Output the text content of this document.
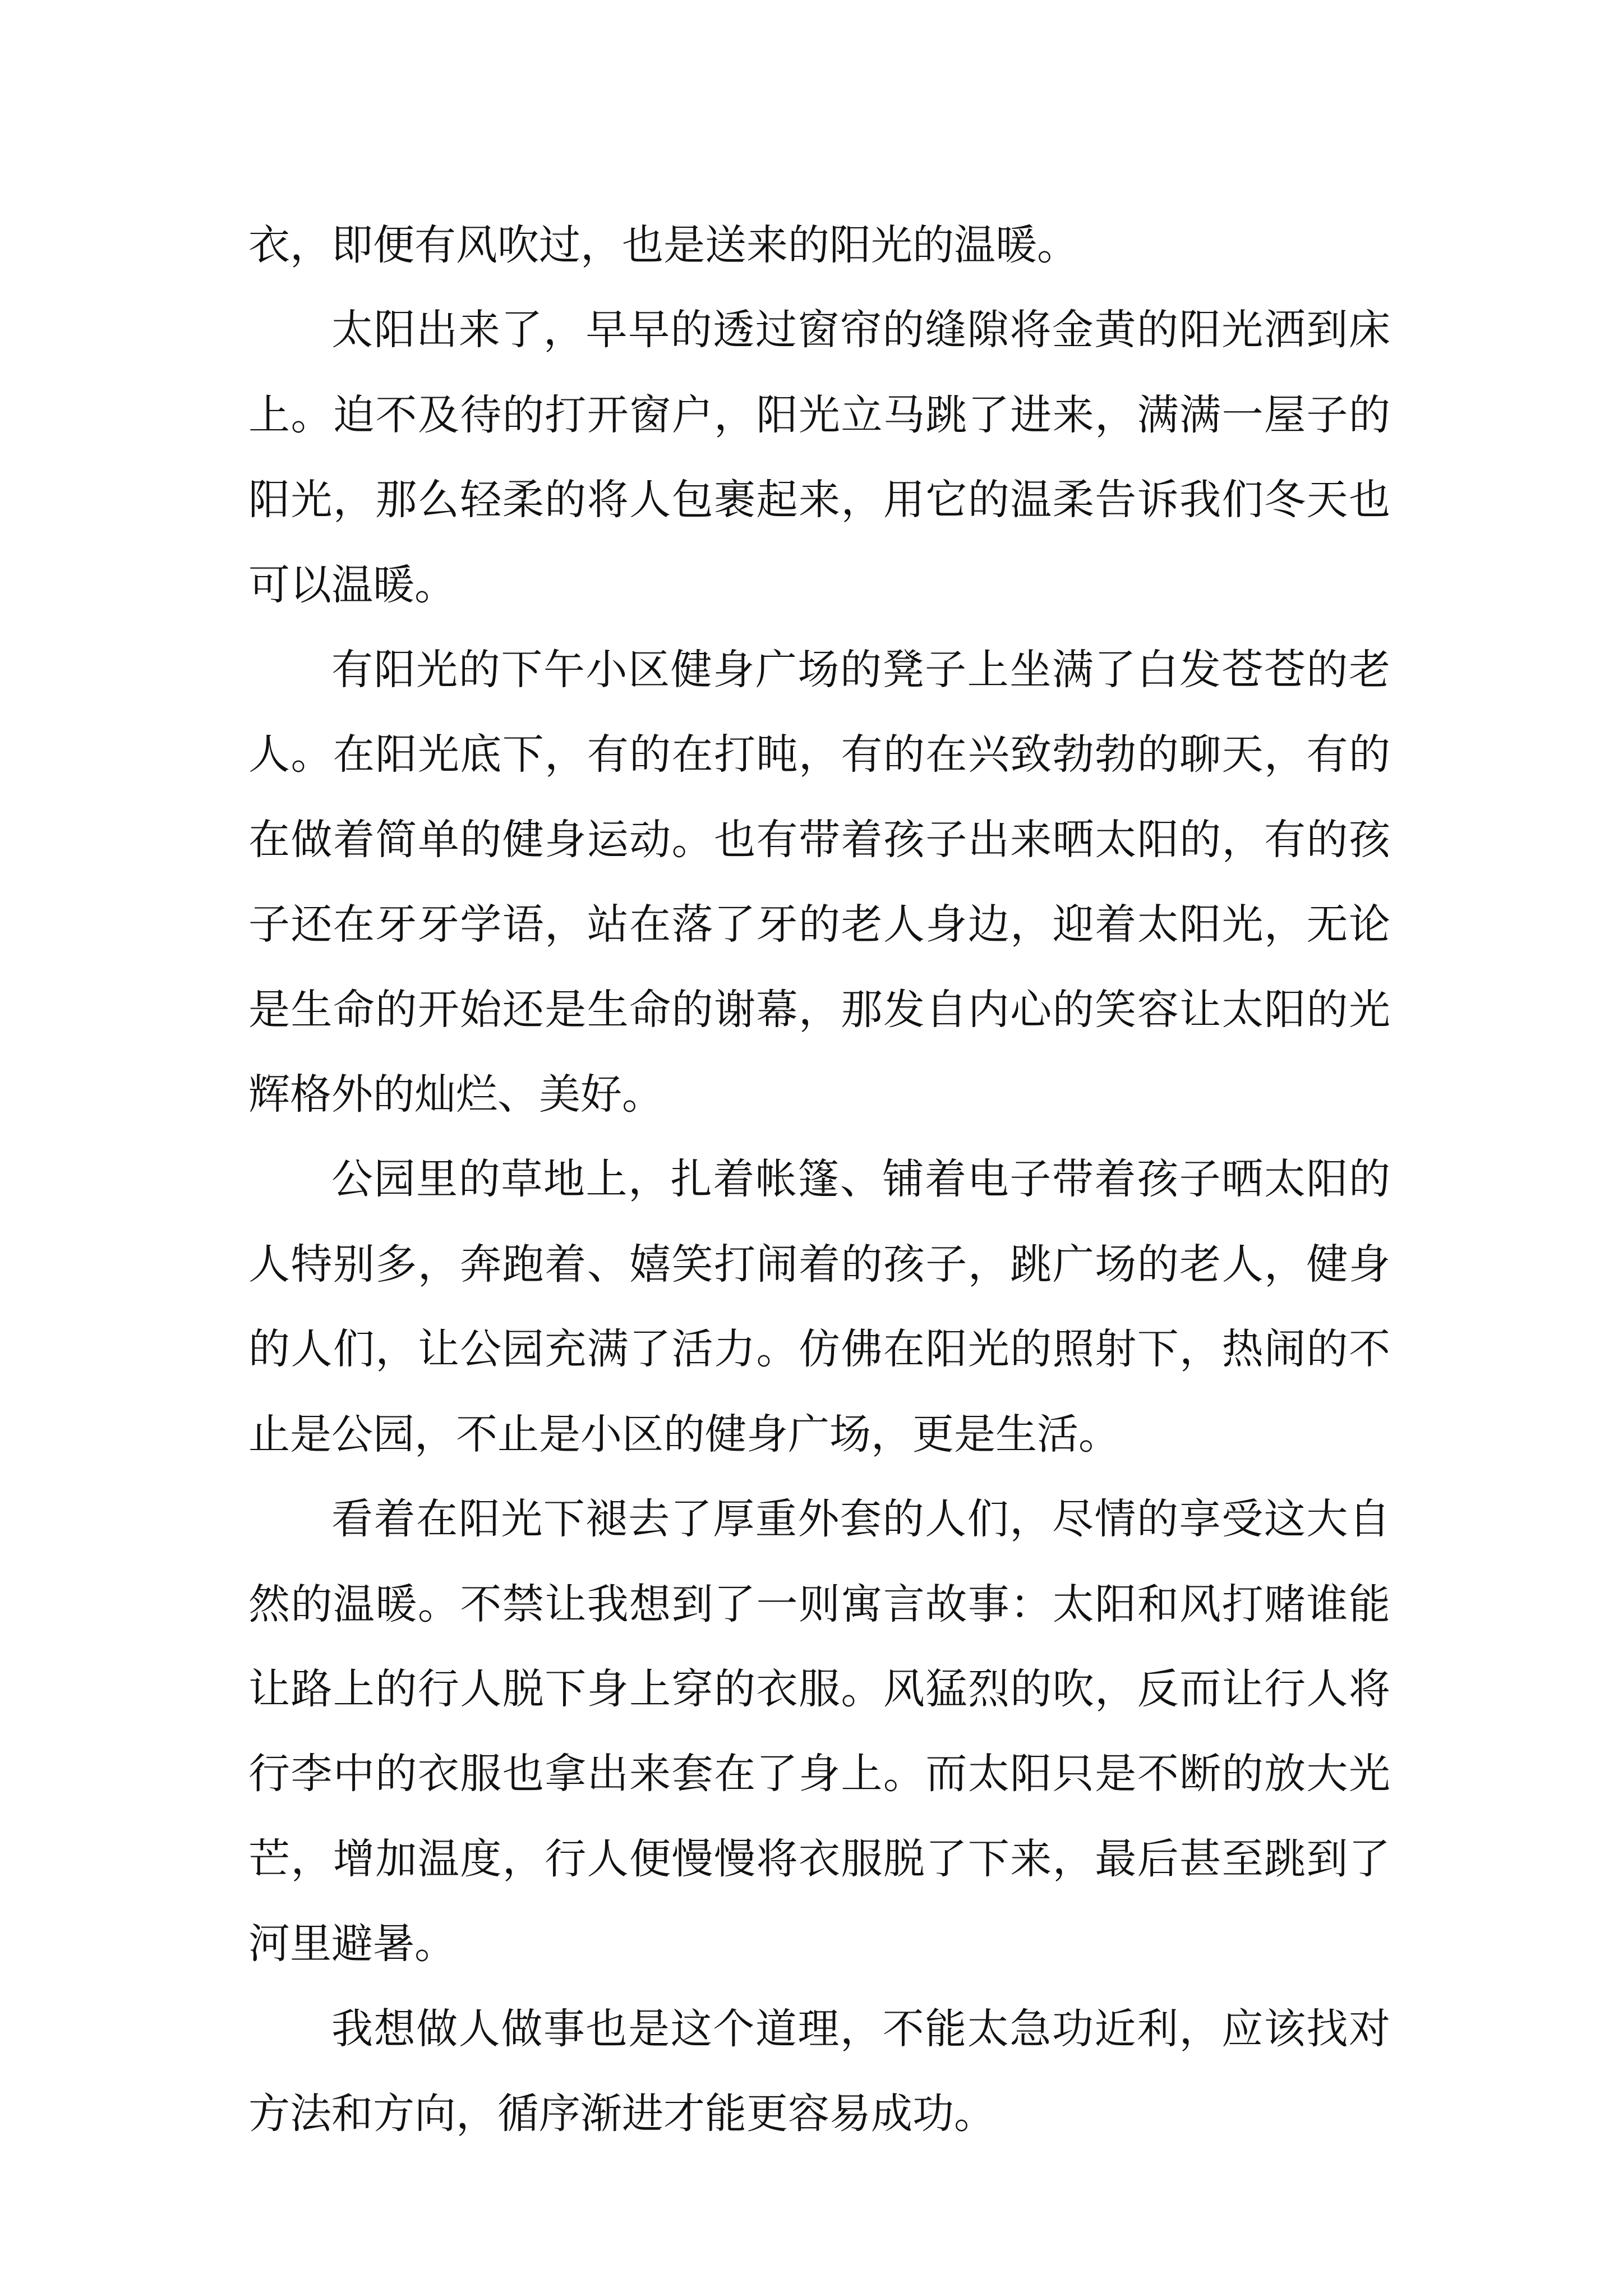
衣，即便有风吹过，也是送来的阳光的温暖。

太阳出来了，早早的透过窗帘的缝隙将金黄的阳光洒到床上。迫不及待的打开窗户，阳光立马跳了进来，满满一屋子的阳光，那么轻柔的将人包裹起来，用它的温柔告诉我们冬天也可以温暖。

有阳光的下午小区健身广场的凳子上坐满了白发苍苍的老人。在阳光底下，有的在打盹，有的在兴致勃勃的聊天，有的在做着简单的健身运动。也有带着孩子出来晒太阳的，有的孩子还在牙牙学语，站在落了牙的老人身边，迎着太阳光，无论是生命的开始还是生命的谢幕，那发自内心的笑容让太阳的光辉格外的灿烂、美好。

公园里的草地上，扎着帐篷、铺着电子带着孩子晒太阳的人特别多，奔跑着、嬉笑打闹着的孩子，跳广场的老人，健身的人们，让公园充满了活力。仿佛在阳光的照射下，热闹的不止是公园，不止是小区的健身广场，更是生活。

看着在阳光下褪去了厚重外套的人们，尽情的享受这大自然的温暖。不禁让我想到了一则寓言故事：太阳和风打赌谁能让路上的行人脱下身上穿的衣服。风猛烈的吹，反而让行人将行李中的衣服也拿出来套在了身上。而太阳只是不断的放大光芒，增加温度，行人便慢慢将衣服脱了下来，最后甚至跳到了河里避暑。

我想做人做事也是这个道理，不能太急功近利，应该找对方法和方向，循序渐进才能更容易成功。
